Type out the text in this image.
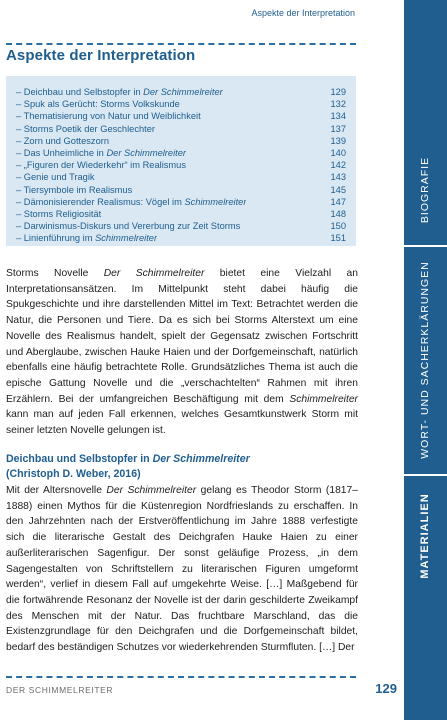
Aspekte der Interpretation
Aspekte der Interpretation
– Deichbau und Selbstopfer in Der Schimmelreiter	129
– Spuk als Gerücht: Storms Volkskunde	132
– Thematisierung von Natur und Weiblichkeit	134
– Storms Poetik der Geschlechter	137
– Zorn und Gotteszorn	139
– Das Unheimliche in Der Schimmelreiter	140
– „Figuren der Wiederkehr“ im Realismus	142
– Genie und Tragik	143
– Tiersymbole im Realismus	145
– Dämonisierender Realismus: Vögel im Schimmelreiter	147
– Storms Religiosität	148
– Darwinismus-Diskurs und Vererbung zur Zeit Storms	150
– Linienführung im Schimmelreiter	151

Storms Novelle Der Schimmelreiter bietet eine Vielzahl an Interpretationsansätzen. Im Mittelpunkt steht dabei häufig die Spukgeschichte und ihre darstellenden Mittel im Text: Betrachtet werden die Natur, die Personen und Tiere. Da es sich bei Storms Alterstext um eine Novelle des Realismus handelt, spielt der Gegensatz zwischen Fortschritt und Aberglaube, zwischen Hauke Haien und der Dorfgemeinschaft, natürlich ebenfalls eine häufig betrachtete Rolle. Grundsätzliches Thema ist auch die epische Gattung Novelle und die „verschachtelten“ Rahmen mit ihren Erzählern. Bei der umfangreichen Beschäftigung mit dem Schimmelreiter kann man auf jeden Fall erkennen, welches Gesamtkunstwerk Storm mit seiner letzten Novelle gelungen ist.

Deichbau und Selbstopfer in Der Schimmelreiter
(Christoph D. Weber, 2016)

Mit der Altersnovelle Der Schimmelreiter gelang es Theodor Storm (1817–1888) einen Mythos für die Küstenregion Nordfrieslands zu erschaffen. In den Jahrzehnten nach der Erstveröffentlichung im Jahre 1888 verfestigte sich die literarische Gestalt des Deichgrafen Hauke Haien zu einer außerliterarischen Sagenfigur. Der sonst geläufige Prozess, „in dem Sagengestalten von Schriftstellern zu literarischen Figuren umgeformt werden“, verlief in diesem Fall auf umgekehrte Weise. […] Maßgebend für die fortwährende Resonanz der Novelle ist der darin geschilderte Zweikampf des Menschen mit der Natur. Das fruchtbare Marschland, das die Existenzgrundlage für den Deichgrafen und die Dorfgemeinschaft bildet, bedarf des beständigen Schutzes vor wiederkehrenden Sturmfluten. […] Der

DER SCHIMMELREITER	129
BIOGRAFIE
WORT- UND SACHERKLÄRUNGEN
MATERIALIEN
